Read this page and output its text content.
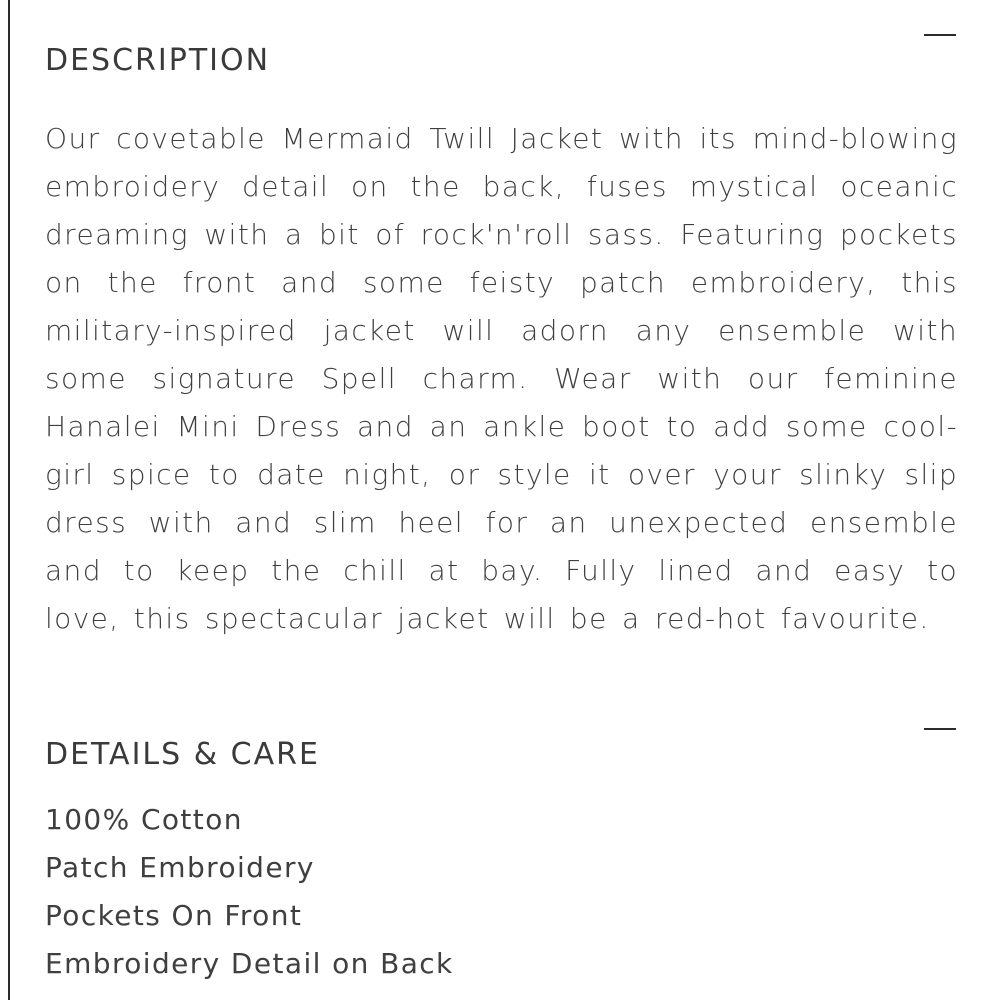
DESCRIPTION

Our covetable Mermaid Twill Jacket with its mind-blowing embroidery detail on the back, fuses mystical oceanic dreaming with a bit of rock'n'roll sass. Featuring pockets on the front and some feisty patch embroidery, this military-inspired jacket will adorn any ensemble with some signature Spell charm. Wear with our feminine Hanalei Mini Dress and an ankle boot to add some cool-girl spice to date night, or style it over your slinky slip dress with and slim heel for an unexpected ensemble and to keep the chill at bay. Fully lined and easy to love, this spectacular jacket will be a red-hot favourite.

DETAILS & CARE
100% Cotton
Patch Embroidery
Pockets On Front
Embroidery Detail on Back
